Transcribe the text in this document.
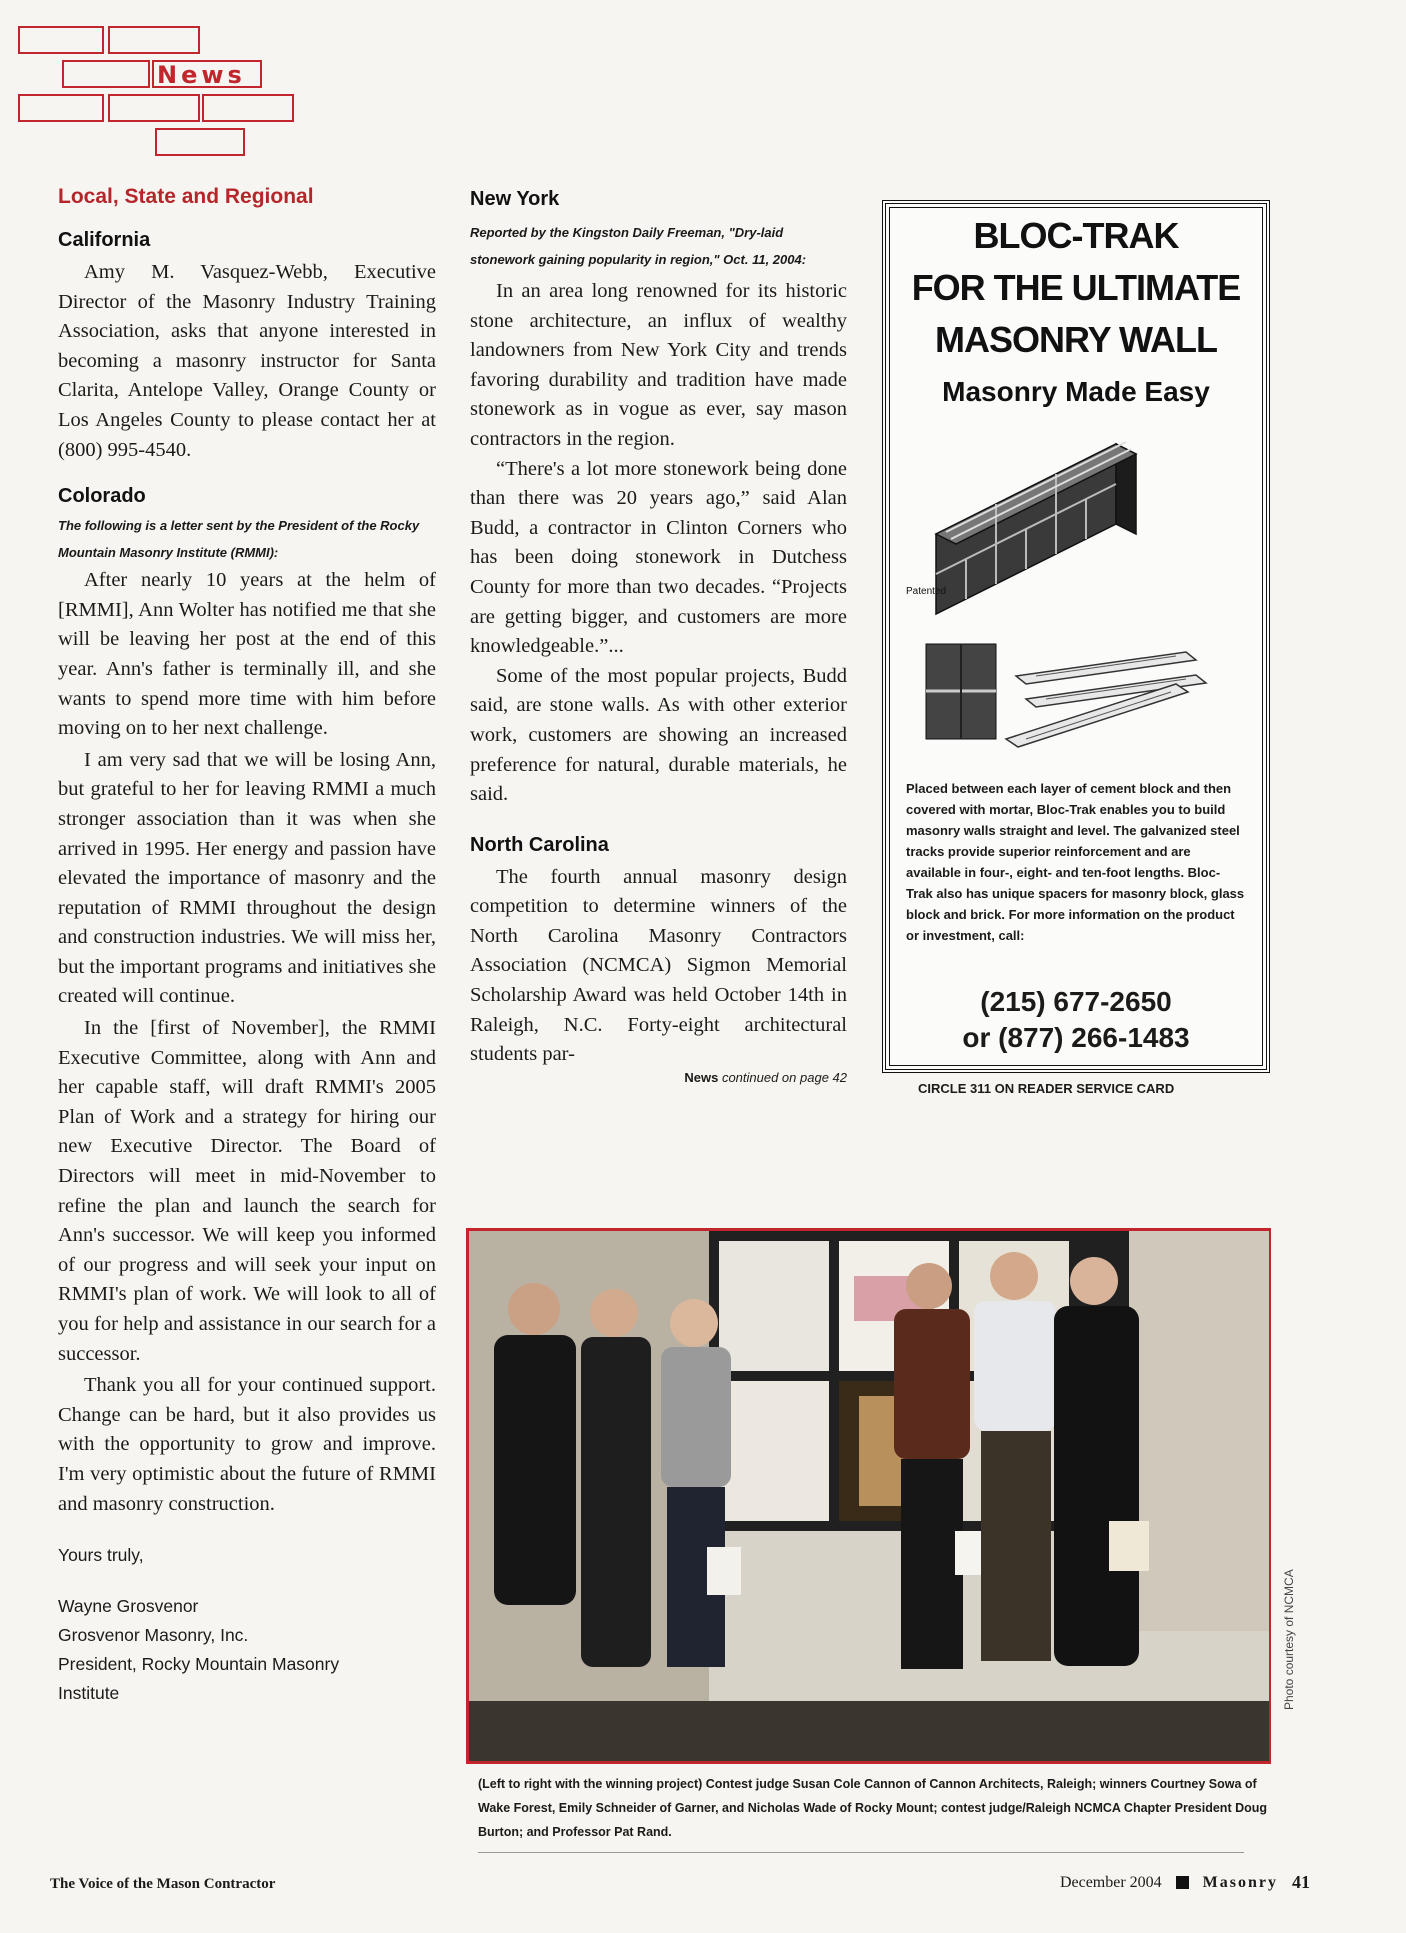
News
Local, State and Regional
California

Amy M. Vasquez-Webb, Executive Director of the Masonry Industry Training Association, asks that anyone interested in becoming a masonry instructor for Santa Clarita, Antelope Valley, Orange County or Los Angeles County to please contact her at (800) 995-4540.

Colorado

The following is a letter sent by the President of the Rocky Mountain Masonry Institute (RMMI):

After nearly 10 years at the helm of [RMMI], Ann Wolter has notified me that she will be leaving her post at the end of this year. Ann's father is terminally ill, and she wants to spend more time with him before moving on to her next challenge.

I am very sad that we will be losing Ann, but grateful to her for leaving RMMI a much stronger association than it was when she arrived in 1995. Her energy and passion have elevated the importance of masonry and the reputation of RMMI throughout the design and construction industries. We will miss her, but the important programs and initiatives she created will continue.

In the [first of November], the RMMI Executive Committee, along with Ann and her capable staff, will draft RMMI's 2005 Plan of Work and a strategy for hiring our new Executive Director. The Board of Directors will meet in mid-November to refine the plan and launch the search for Ann's successor. We will keep you informed of our progress and will seek your input on RMMI's plan of work. We will look to all of you for help and assistance in our search for a successor.

Thank you all for your continued support. Change can be hard, but it also provides us with the opportunity to grow and improve. I'm very optimistic about the future of RMMI and masonry construction.

Yours truly,

Wayne Grosvenor

Grosvenor Masonry, Inc.

President, Rocky Mountain Masonry Institute

New York

Reported by the Kingston Daily Freeman, "Dry-laid stonework gaining popularity in region," Oct. 11, 2004:

In an area long renowned for its historic stone architecture, an influx of wealthy landowners from New York City and trends favoring durability and tradition have made stonework as in vogue as ever, say mason contractors in the region.

“There's a lot more stonework being done than there was 20 years ago,” said Alan Budd, a contractor in Clinton Corners who has been doing stonework in Dutchess County for more than two decades. “Projects are getting bigger, and customers are more knowledgeable.”...

Some of the most popular projects, Budd said, are stone walls. As with other exterior work, customers are showing an increased preference for natural, durable materials, he said.

North Carolina

The fourth annual masonry design competition to determine winners of the North Carolina Masonry Contractors Association (NCMCA) Sigmon Memorial Scholarship Award was held October 14th in Raleigh, N.C. Forty-eight architectural students par-

News continued on page 42

BLOC-TRAK
FOR THE ULTIMATE
MASONRY WALL
Masonry Made Easy
Patented
Placed between each layer of cement block and then covered with mortar, Bloc-Trak enables you to build masonry walls straight and level. The galvanized steel tracks provide superior reinforcement and are available in four-, eight- and ten-foot lengths. Bloc-Trak also has unique spacers for masonry block, glass block and brick. For more information on the product or investment, call:
(215) 677-2650
or (877) 266-1483
CIRCLE 311 ON READER SERVICE CARD
Photo courtesy of NCMCA
(Left to right with the winning project) Contest judge Susan Cole Cannon of Cannon Architects, Raleigh; winners Courtney Sowa of Wake Forest, Emily Schneider of Garner, and Nicholas Wade of Rocky Mount; contest judge/Raleigh NCMCA Chapter President Doug Burton; and Professor Pat Rand.
The Voice of the Mason Contractor	December 2004	Masonry 41
